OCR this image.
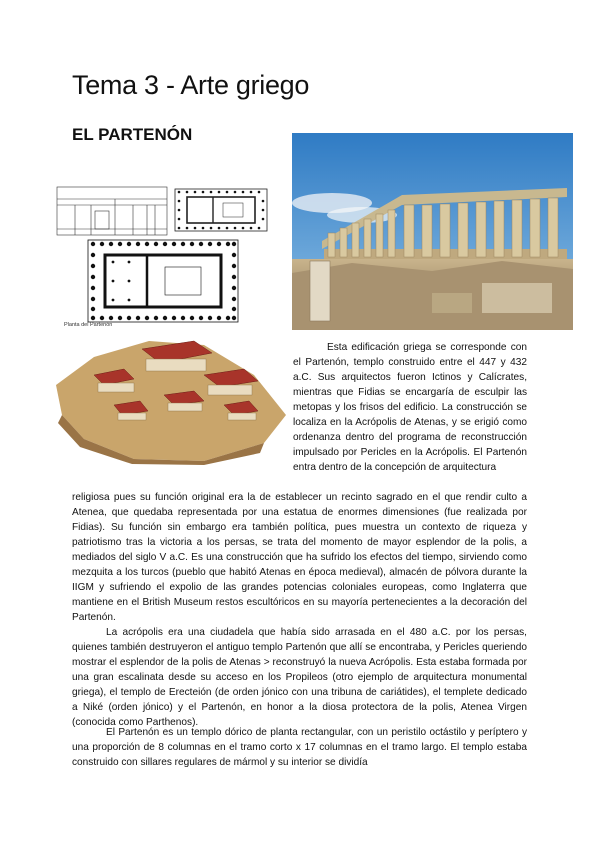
Tema 3 - Arte griego
EL PARTENÓN
Planta del Partenón

Esta edificación griega se corresponde con el Partenón, templo construido entre el 447 y 432 a.C. Sus arquitectos fueron Ictinos y Calícrates, mientras que Fidias se encargaría de esculpir las metopas y los frisos del edificio. La construcción se localiza en la Acrópolis de Atenas, y se erigió como ordenanza dentro del programa de reconstrucción impulsado por Pericles en la Acrópolis. El Partenón entra dentro de la concepción de arquitectura

religiosa pues su función original era la de establecer un recinto sagrado en el que rendir culto a Atenea, que quedaba representada por una estatua de enormes dimensiones (fue realizada por Fidias). Su función sin embargo era también política, pues muestra un contexto de riqueza y patriotismo tras la victoria a los persas, se trata del momento de mayor esplendor de la polis, a mediados del siglo V a.C. Es una construcción que ha sufrido los efectos del tiempo, sirviendo como mezquita a los turcos (pueblo que habitó Atenas en época medieval), almacén de pólvora durante la IIGM y sufriendo el expolio de las grandes potencias coloniales europeas, como Inglaterra que mantiene en el British Museum restos escultóricos en su mayoría pertenecientes a la decoración del Partenón.

La acrópolis era una ciudadela que había sido arrasada en el 480 a.C. por los persas, quienes también destruyeron el antiguo templo Partenón que allí se encontraba, y Pericles queriendo mostrar el esplendor de la polis de Atenas > reconstruyó la nueva Acrópolis. Esta estaba formada por una gran escalinata desde su acceso en los Propileos (otro ejemplo de arquitectura monumental griega), el templo de Erecteión (de orden jónico con una tribuna de cariátides), el templete dedicado a Niké (orden jónico) y el Partenón, en honor a la diosa protectora de la polis, Atenea Virgen (conocida como Parthenos).

El Partenón es un templo dórico de planta rectangular, con un peristilo octástilo y períptero y una proporción de 8 columnas en el tramo corto x 17 columnas en el tramo largo. El templo estaba construido con sillares regulares de mármol y su interior se dividía
